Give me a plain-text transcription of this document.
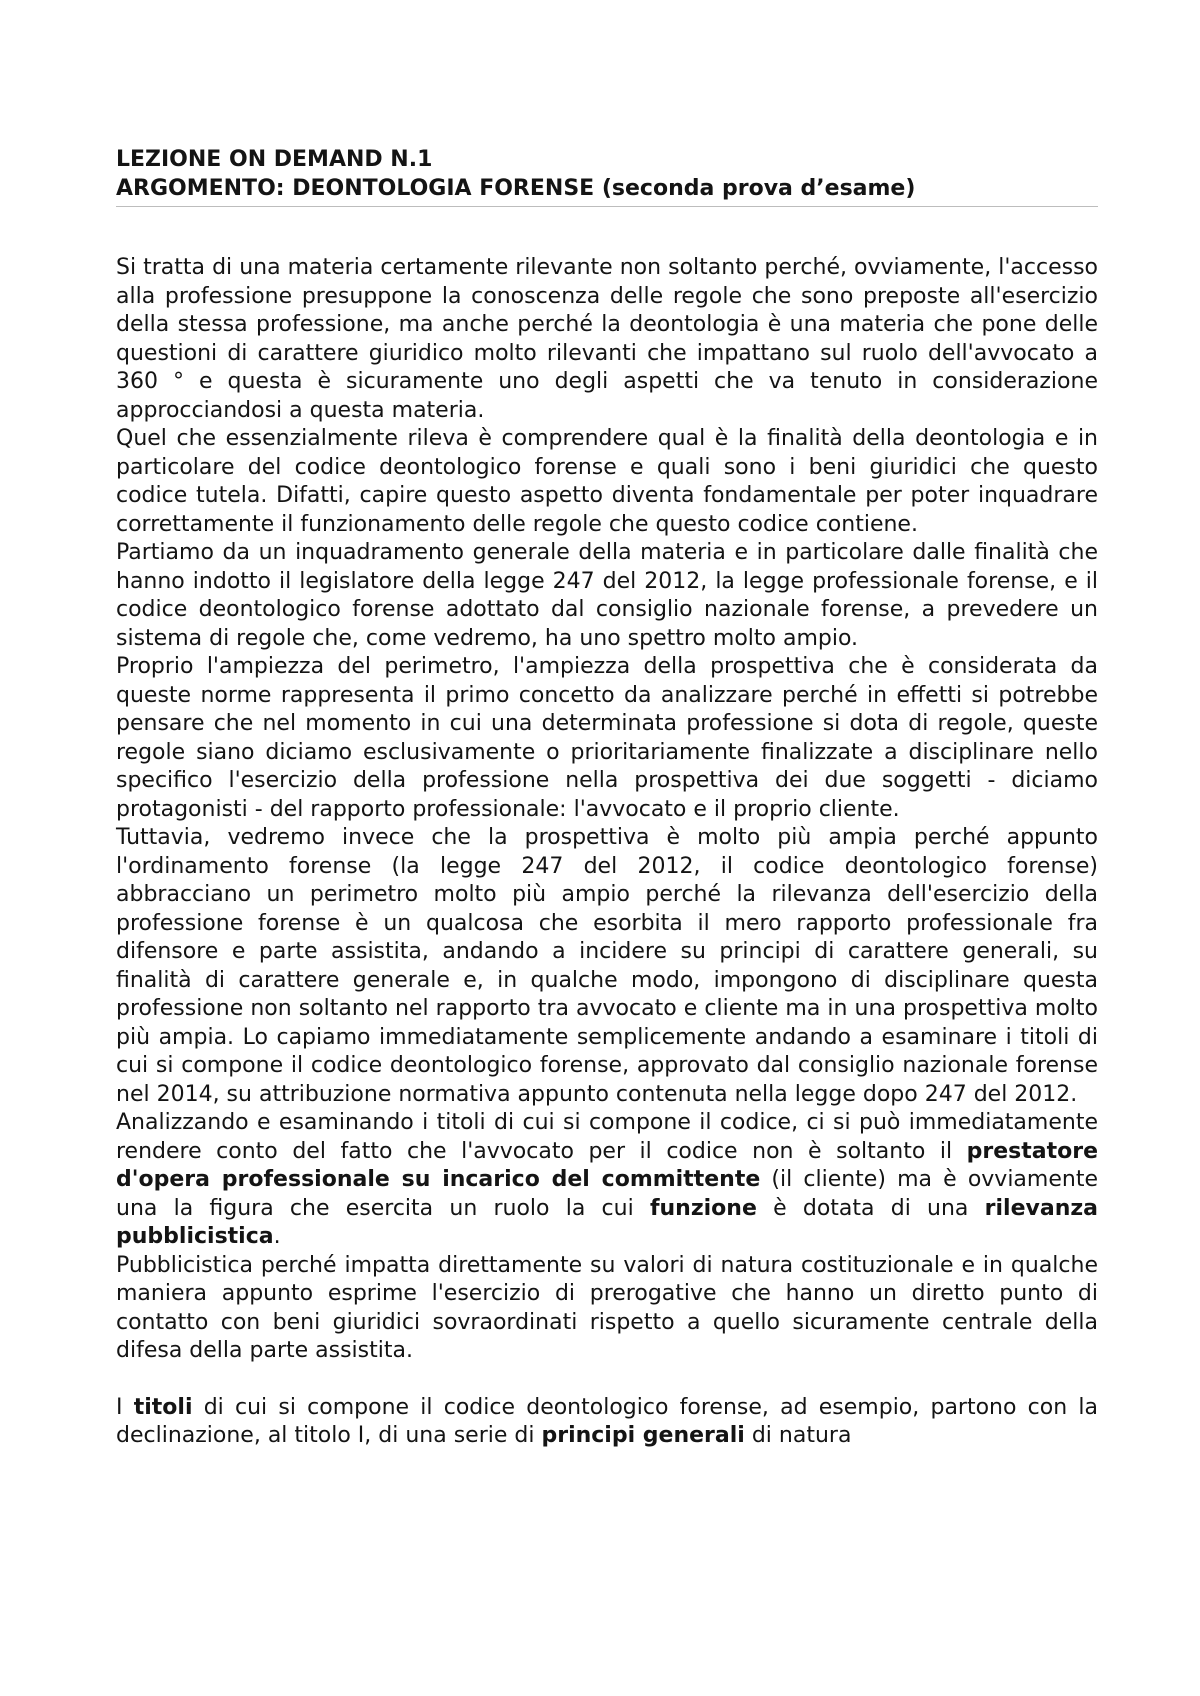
LEZIONE ON DEMAND N.1
ARGOMENTO: DEONTOLOGIA FORENSE (seconda prova d’esame)

Si tratta di una materia certamente rilevante non soltanto perché, ovviamente, l'accesso alla professione presuppone la conoscenza delle regole che sono preposte all'esercizio della stessa professione, ma anche perché la deontologia è una materia che pone delle questioni di carattere giuridico molto rilevanti che impattano sul ruolo dell'avvocato a 360 ° e questa è sicuramente uno degli aspetti che va tenuto in considerazione approcciandosi a questa materia.

Quel che essenzialmente rileva è comprendere qual è la finalità della deontologia e in particolare del codice deontologico forense e quali sono i beni giuridici che questo codice tutela. Difatti, capire questo aspetto diventa fondamentale per poter inquadrare correttamente il funzionamento delle regole che questo codice contiene.

Partiamo da un inquadramento generale della materia e in particolare dalle finalità che hanno indotto il legislatore della legge 247 del 2012, la legge professionale forense, e il codice deontologico forense adottato dal consiglio nazionale forense, a prevedere un sistema di regole che, come vedremo, ha uno spettro molto ampio.

Proprio l'ampiezza del perimetro, l'ampiezza della prospettiva che è considerata da queste norme rappresenta il primo concetto da analizzare perché in effetti si potrebbe pensare che nel momento in cui una determinata professione si dota di regole, queste regole siano diciamo esclusivamente o prioritariamente finalizzate a disciplinare nello specifico l'esercizio della professione nella prospettiva dei due soggetti - diciamo protagonisti - del rapporto professionale: l'avvocato e il proprio cliente.

Tuttavia, vedremo invece che la prospettiva è molto più ampia perché appunto l'ordinamento forense (la legge 247 del 2012, il codice deontologico forense) abbracciano un perimetro molto più ampio perché la rilevanza dell'esercizio della professione forense è un qualcosa che esorbita il mero rapporto professionale fra difensore e parte assistita, andando a incidere su principi di carattere generali, su finalità di carattere generale e, in qualche modo, impongono di disciplinare questa professione non soltanto nel rapporto tra avvocato e cliente ma in una prospettiva molto più ampia. Lo capiamo immediatamente semplicemente andando a esaminare i titoli di cui si compone il codice deontologico forense, approvato dal consiglio nazionale forense nel 2014, su attribuzione normativa appunto contenuta nella legge dopo 247 del 2012.

Analizzando e esaminando i titoli di cui si compone il codice, ci si può immediatamente rendere conto del fatto che l'avvocato per il codice non è soltanto il prestatore d'opera professionale su incarico del committente (il cliente) ma è ovviamente una la figura che esercita un ruolo la cui funzione è dotata di una rilevanza pubblicistica.

Pubblicistica perché impatta direttamente su valori di natura costituzionale e in qualche maniera appunto esprime l'esercizio di prerogative che hanno un diretto punto di contatto con beni giuridici sovraordinati rispetto a quello sicuramente centrale della difesa della parte assistita.

I titoli di cui si compone il codice deontologico forense, ad esempio, partono con la declinazione, al titolo I, di una serie di principi generali di natura
